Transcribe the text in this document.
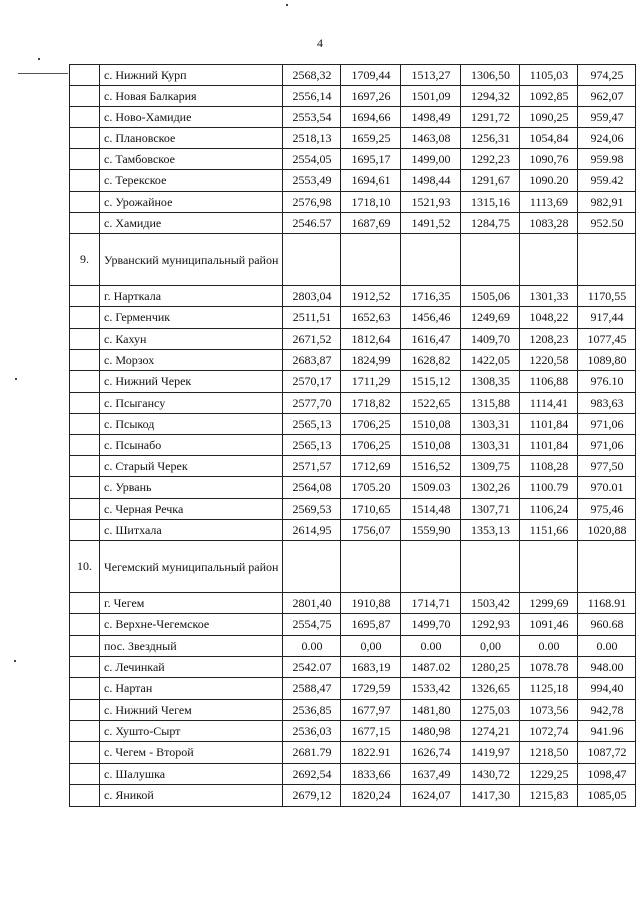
4
	с. Нижний Курп	2568,32	1709,44	1513,27	1306,50	1105,03	974,25
	с. Новая Балкария	2556,14	1697,26	1501,09	1294,32	1092,85	962,07
	с. Ново-Хамидие	2553,54	1694,66	1498,49	1291,72	1090,25	959,47
	с. Плановское	2518,13	1659,25	1463,08	1256,31	1054,84	924,06
	с. Тамбовское	2554,05	1695,17	1499,00	1292,23	1090,76	959.98
	с. Терекское	2553,49	1694,61	1498,44	1291,67	1090.20	959.42
	с. Урожайное	2576,98	1718,10	1521,93	1315,16	1113,69	982,91
	с. Хамидие	2546.57	1687,69	1491,52	1284,75	1083,28	952.50
9.	Урванский муниципальный район						
	г. Нарткала	2803,04	1912,52	1716,35	1505,06	1301,33	1170,55
	с. Герменчик	2511,51	1652,63	1456,46	1249,69	1048,22	917,44
	с. Кахун	2671,52	1812,64	1616,47	1409,70	1208,23	1077,45
	с. Морзох	2683,87	1824,99	1628,82	1422,05	1220,58	1089,80
	с. Нижний Черек	2570,17	1711,29	1515,12	1308,35	1106,88	976.10
	с. Псыгансу	2577,70	1718,82	1522,65	1315,88	1114,41	983,63
	с. Псыкод	2565,13	1706,25	1510,08	1303,31	1101,84	971,06
	с. Псынабо	2565,13	1706,25	1510,08	1303,31	1101,84	971,06
	с. Старый Черек	2571,57	1712,69	1516,52	1309,75	1108,28	977,50
	с. Урвань	2564,08	1705.20	1509.03	1302,26	1100.79	970.01
	с. Черная Речка	2569,53	1710,65	1514,48	1307,71	1106,24	975,46
	с. Шитхала	2614,95	1756,07	1559,90	1353,13	1151,66	1020,88
10.	Чегемский муниципальный район						
	г. Чегем	2801,40	1910,88	1714,71	1503,42	1299,69	1168.91
	с. Верхне-Чегемское	2554,75	1695,87	1499,70	1292,93	1091,46	960.68
	пос. Звездный	0.00	0,00	0.00	0,00	0.00	0.00
	с. Лечинкай	2542.07	1683,19	1487.02	1280,25	1078.78	948.00
	с. Нартан	2588,47	1729,59	1533,42	1326,65	1125,18	994,40
	с. Нижний Чегем	2536,85	1677,97	1481,80	1275,03	1073,56	942,78
	с. Хушто-Сырт	2536,03	1677,15	1480,98	1274,21	1072,74	941.96
	с. Чегем - Второй	2681.79	1822.91	1626,74	1419,97	1218,50	1087,72
	с. Шалушка	2692,54	1833,66	1637,49	1430,72	1229,25	1098,47
	с. Яникой	2679,12	1820,24	1624,07	1417,30	1215,83	1085,05
